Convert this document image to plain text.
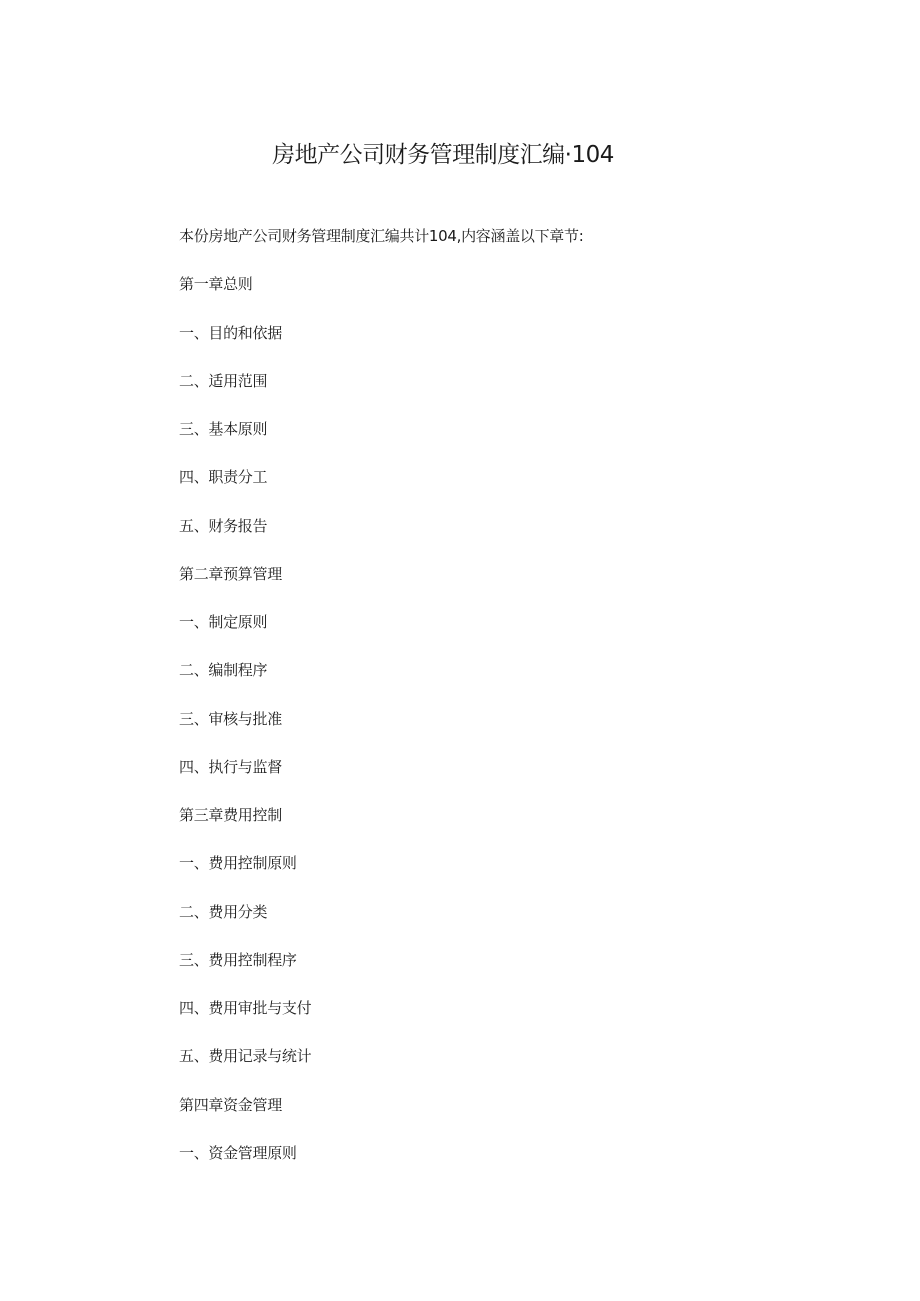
房地产公司财务管理制度汇编·104
本份房地产公司财务管理制度汇编共计104,内容涵盖以下章节:
第一章总则
一、目的和依据
二、适用范围
三、基本原则
四、职责分工
五、财务报告
第二章预算管理
一、制定原则
二、编制程序
三、审核与批准
四、执行与监督
第三章费用控制
一、费用控制原则
二、费用分类
三、费用控制程序
四、费用审批与支付
五、费用记录与统计
第四章资金管理
一、资金管理原则
